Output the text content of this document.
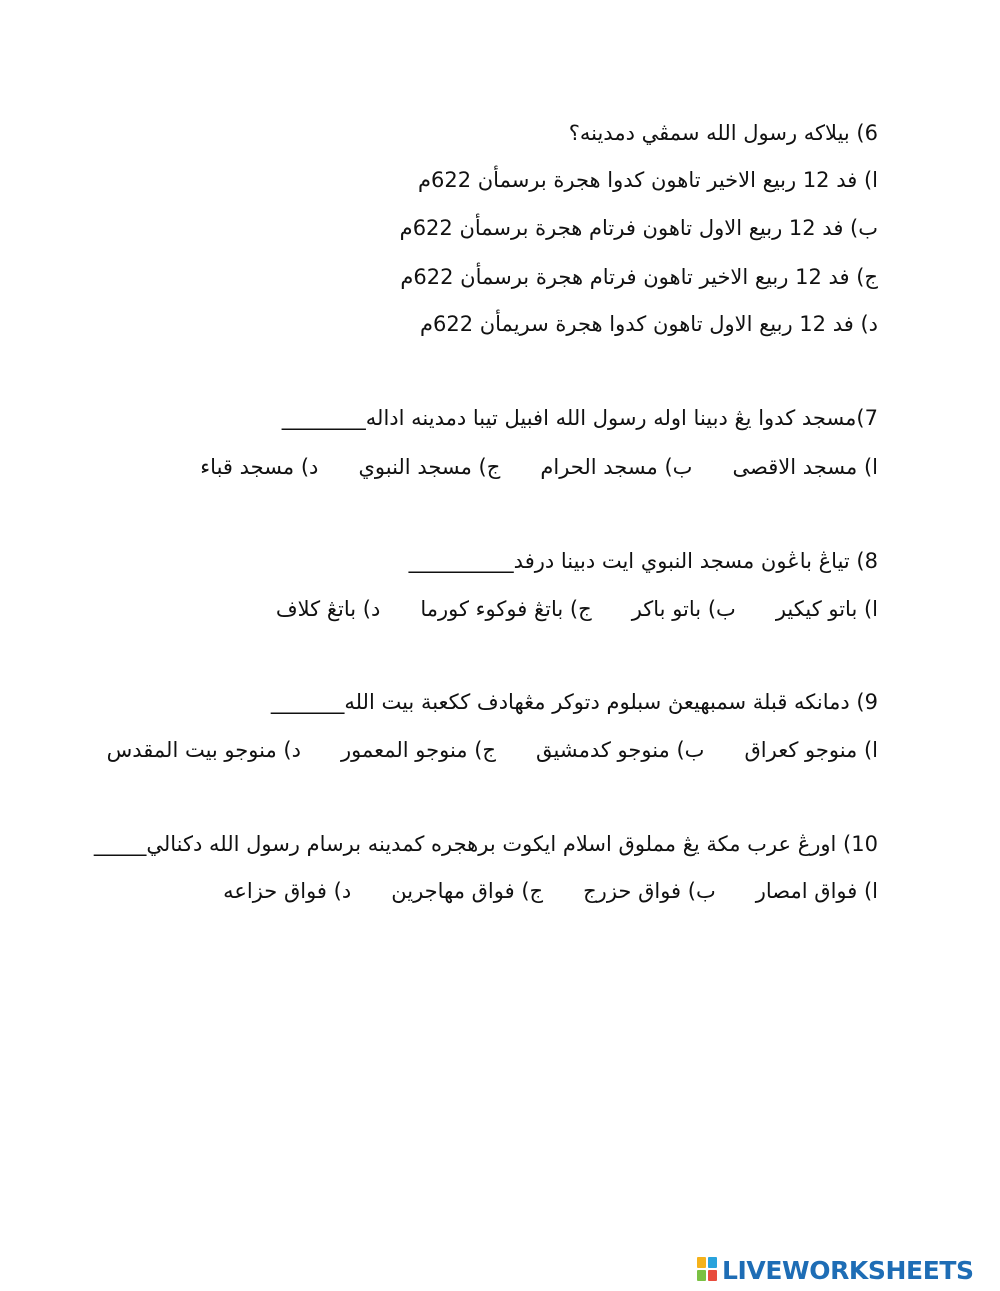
6) بيلاکه رسول الله سمڤي دمدينه؟
ا) فد 12 ربيع الاخير تاهون كدوا هجرة برسمأن 622م
ب) فد 12 ربيع الاول تاهون فرتام هجرة برسمأن 622م
ج) فد 12 ربيع الاخير تاهون فرتام هجرة برسمأن 622م
د) فد 12 ربيع الاول تاهون كدوا هجرة سريمأن 622م
7)مسجد كدوا يڠ دبينا اوله رسول الله افبيل تيبا دمدينه اداله________
ا) مسجد الاقصى      ب) مسجد الحرام      ج) مسجد النبوي      د) مسجد قباء
8) تياڠ باڠون مسجد النبوي ايت دبينا درفد__________
ا) باتو كيكير      ب) باتو باكر      ج) باتڠ فوكوء كورما      د) باتڠ كلاف
9) دمانكه قبلة سمبهيعڽ سبلوم دتوكر مڠهادف ككعبة بيت الله_______
ا) منوجو كعراق      ب) منوجو كدمشيق      ج) منوجو المعمور      د) منوجو بيت المقدس
10) اورڠ عرب مكة يڠ مملوق اسلام ايكوت برهجره كمدينه برسام رسول الله دكنالي_____
ا) فواق امصار      ب) فواق حزرج      ج) فواق مهاجرين      د) فواق حزاعه
LIVEWORKSHEETS
